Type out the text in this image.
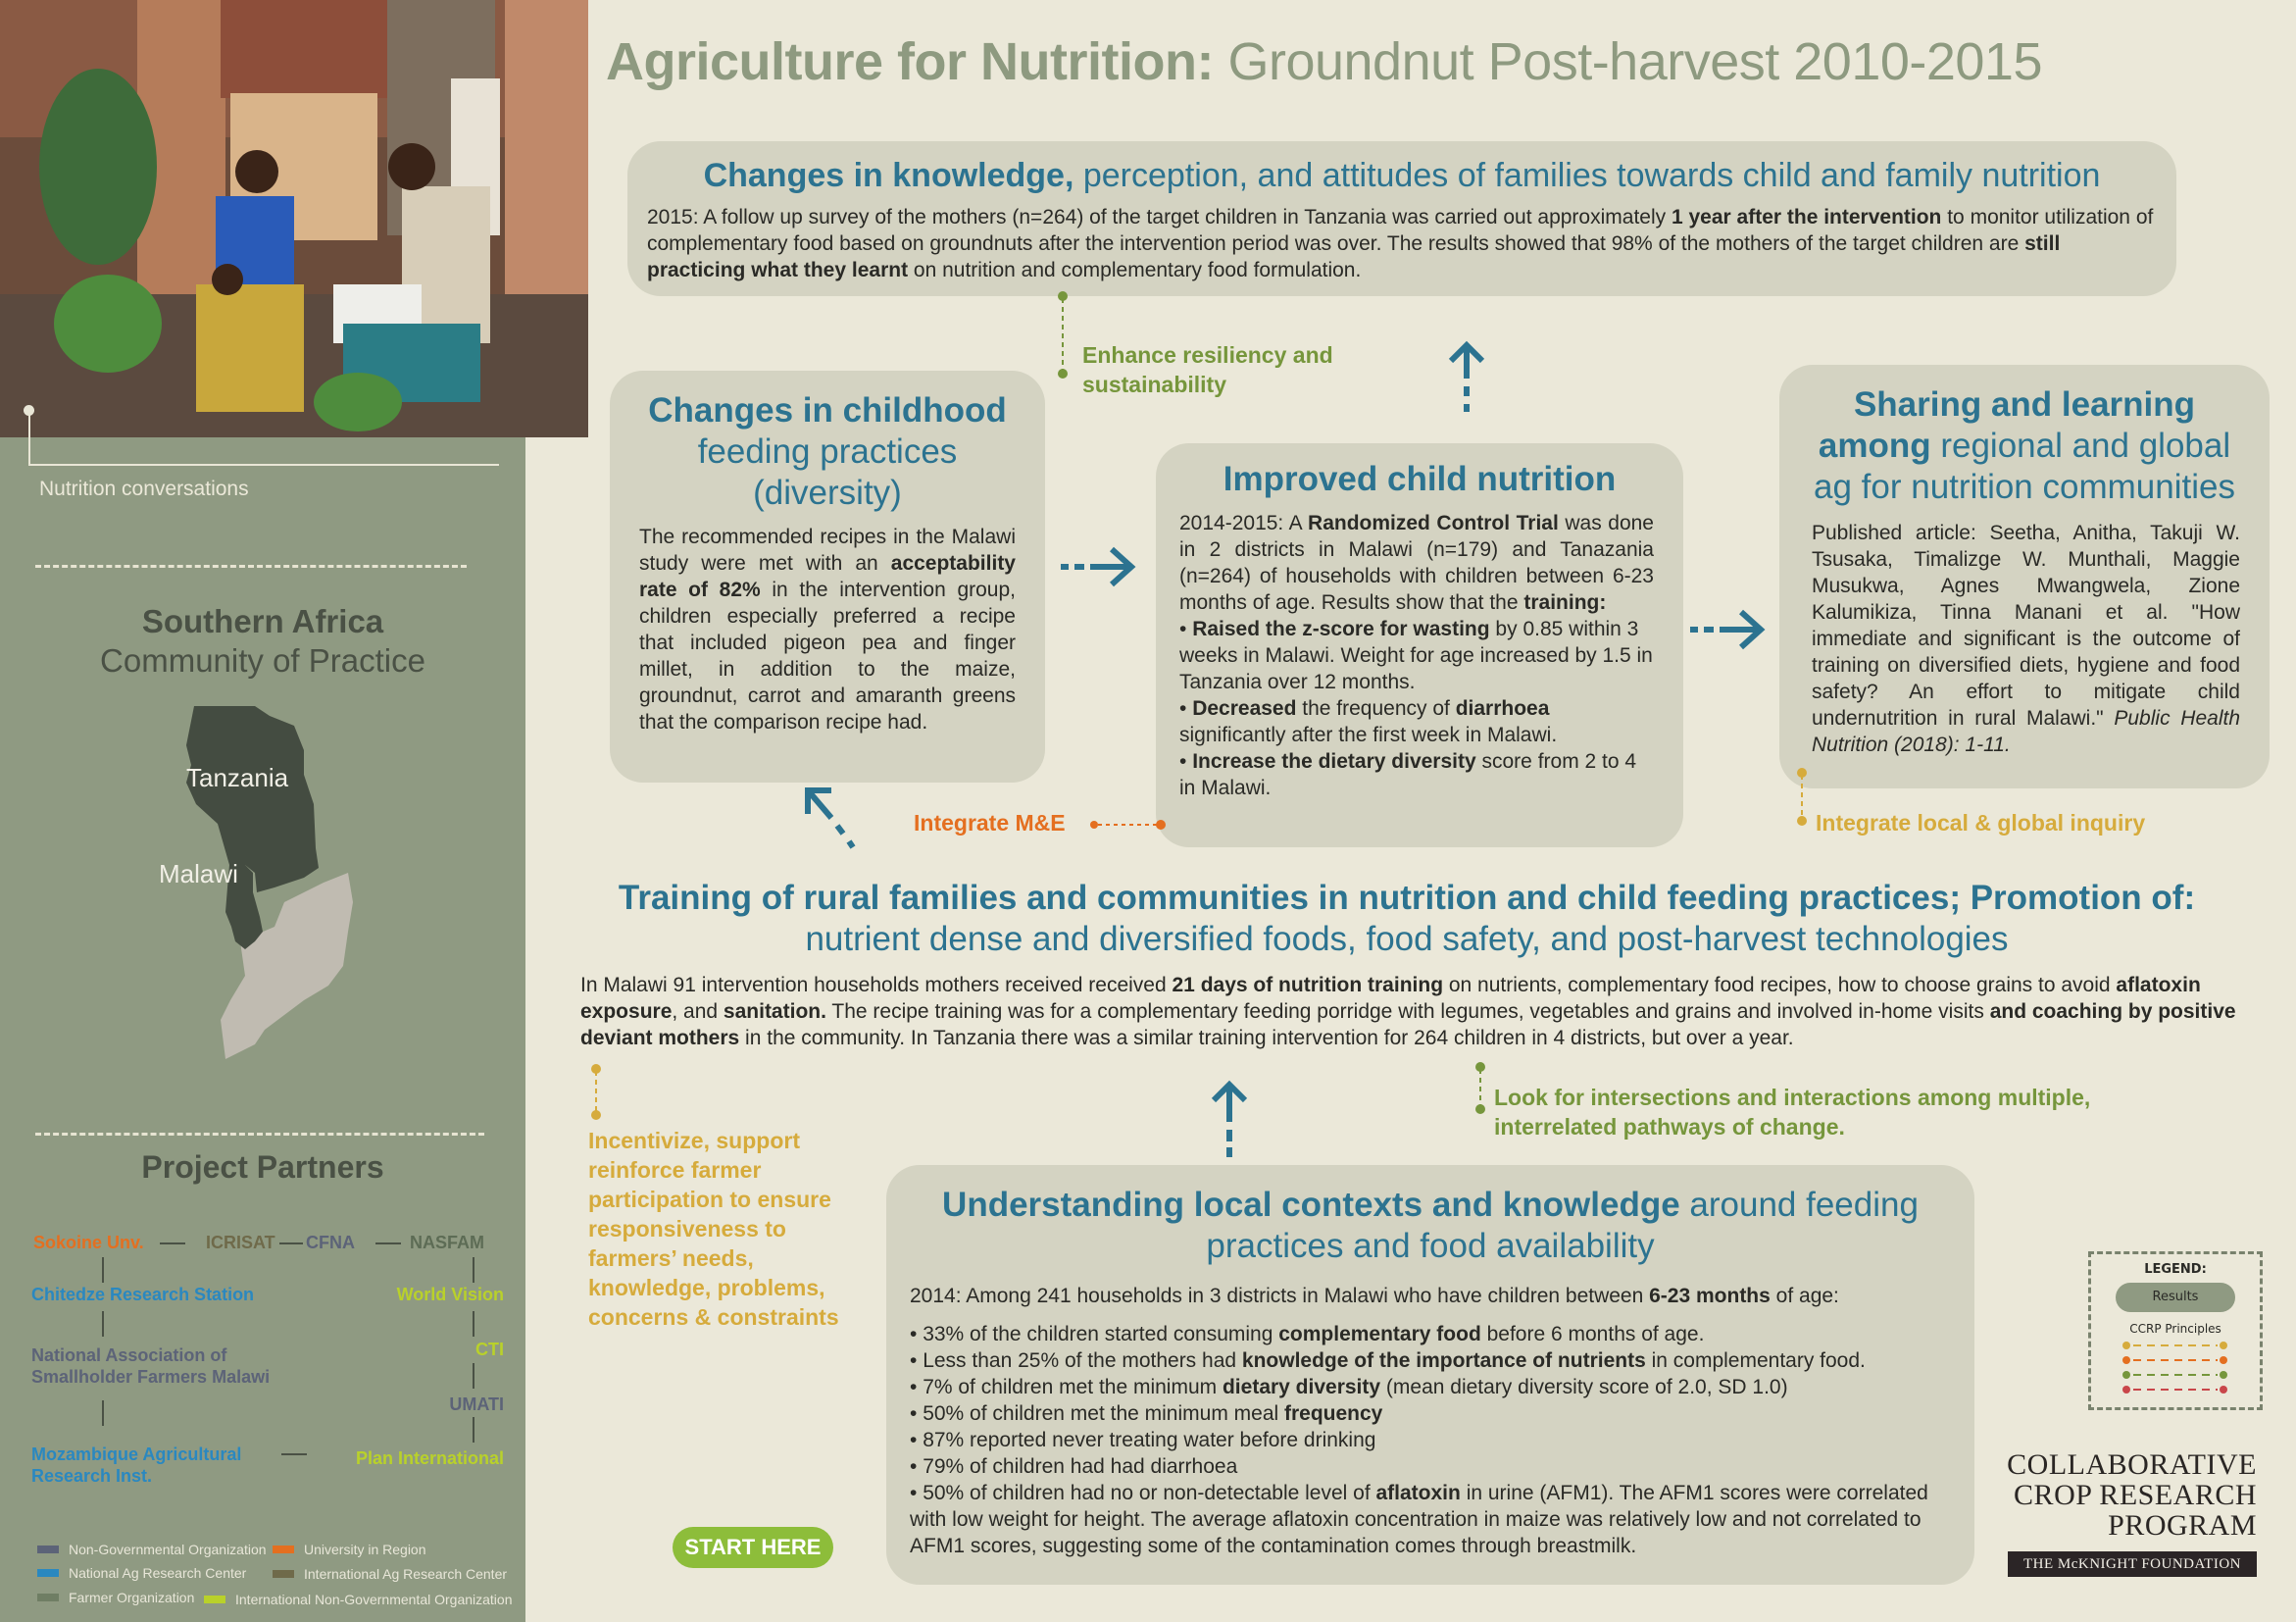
Nutrition conversations
Southern Africa
Community of Practice
Tanzania
Malawi
Project Partners
Sokoine Unv.	ICRISAT CFNA	NASFAM
Chitedze Research Station	World Vision
National Association of
Smallholder Farmers Malawi
CTI
UMATI
Mozambique Agricultural
Research Inst.
Plan International
Non-Governmental Organization	University in Region
National Ag Research Center	International Ag Research Center
Farmer Organization	International Non-Governmental Organization
Agriculture for Nutrition: Groundnut Post-harvest 2010-2015
Changes in knowledge, perception, and attitudes of families towards child and family nutrition
2015: A follow up survey of the mothers (n=264) of the target children in Tanzania was carried out approximately 1 year after the intervention to monitor utilization of complementary food based on groundnuts after the intervention period was over. The results showed that 98% of the mothers of the target children are still practicing what they learnt on nutrition and complementary food formulation.
Enhance resiliency and sustainability
Changes in childhood
feeding practices (diversity)
The recommended recipes in the Malawi study were met with an acceptability rate of 82% in the intervention group, children especially preferred a recipe that included pigeon pea and finger millet, in addition to the maize, groundnut, carrot and amaranth greens that the comparison recipe had.
Improved child nutrition
2014-2015: A Randomized Control Trial was done in 2 districts in Malawi (n=179) and Tanazania (n=264) of households with children between 6-23 months of age. Results show that the training:
• Raised the z-score for wasting by 0.85 within 3 weeks in Malawi. Weight for age increased by 1.5 in Tanzania over 12 months.
• Decreased the frequency of diarrhoea significantly after the first week in Malawi.
• Increase the dietary diversity score from 2 to 4 in Malawi.
Sharing and learning among regional and global ag for nutrition communities
Published article: Seetha, Anitha, Takuji W. Tsusaka, Timalizge W. Munthali, Maggie Musukwa, Agnes Mwangwela, Zione Kalumikiza, Tinna Manani et al. "How immediate and significant is the outcome of training on diversified diets, hygiene and food safety? An effort to mitigate child undernutrition in rural Malawi." Public Health Nutrition (2018): 1-11.
Integrate local & global inquiry
Integrate M&E
Training of rural families and communities in nutrition and child feeding practices; Promotion of:
nutrient dense and diversified foods, food safety, and post-harvest technologies
In Malawi 91 intervention households mothers received received 21 days of nutrition training on nutrients, complementary food recipes, how to choose grains to avoid aflatoxin exposure, and sanitation. The recipe training was for a complementary feeding porridge with legumes, vegetables and grains and involved in-home visits and coaching by positive deviant mothers in the community. In Tanzania there was a similar training intervention for 264 children in 4 districts, but over a year.
Incentivize, support reinforce farmer participation to ensure responsiveness to farmers’ needs, knowledge, problems, concerns & constraints
Look for intersections and interactions among multiple, interrelated pathways of change.
Understanding local contexts and knowledge around feeding practices and food availability
2014: Among 241 households in 3 districts in Malawi who have children between 6-23 months of age:
• 33% of the children started consuming complementary food before 6 months of age.
• Less than 25% of the mothers had knowledge of the importance of nutrients in complementary food.
• 7% of children met the minimum dietary diversity (mean dietary diversity score of 2.0, SD 1.0)
• 50% of children met the minimum meal frequency
• 87% reported never treating water before drinking
• 79% of children had had diarrhoea
• 50% of children had no or non-detectable level of aflatoxin in urine (AFM1). The AFM1 scores were correlated with low weight for height. The average aflatoxin concentration in maize was relatively low and not correlated to AFM1 scores, suggesting some of the contamination comes through breastmilk.
START HERE
LEGEND:
Results
CCRP Principles
COLLABORATIVE
CROP RESEARCH
PROGRAM
THE McKNIGHT FOUNDATION
